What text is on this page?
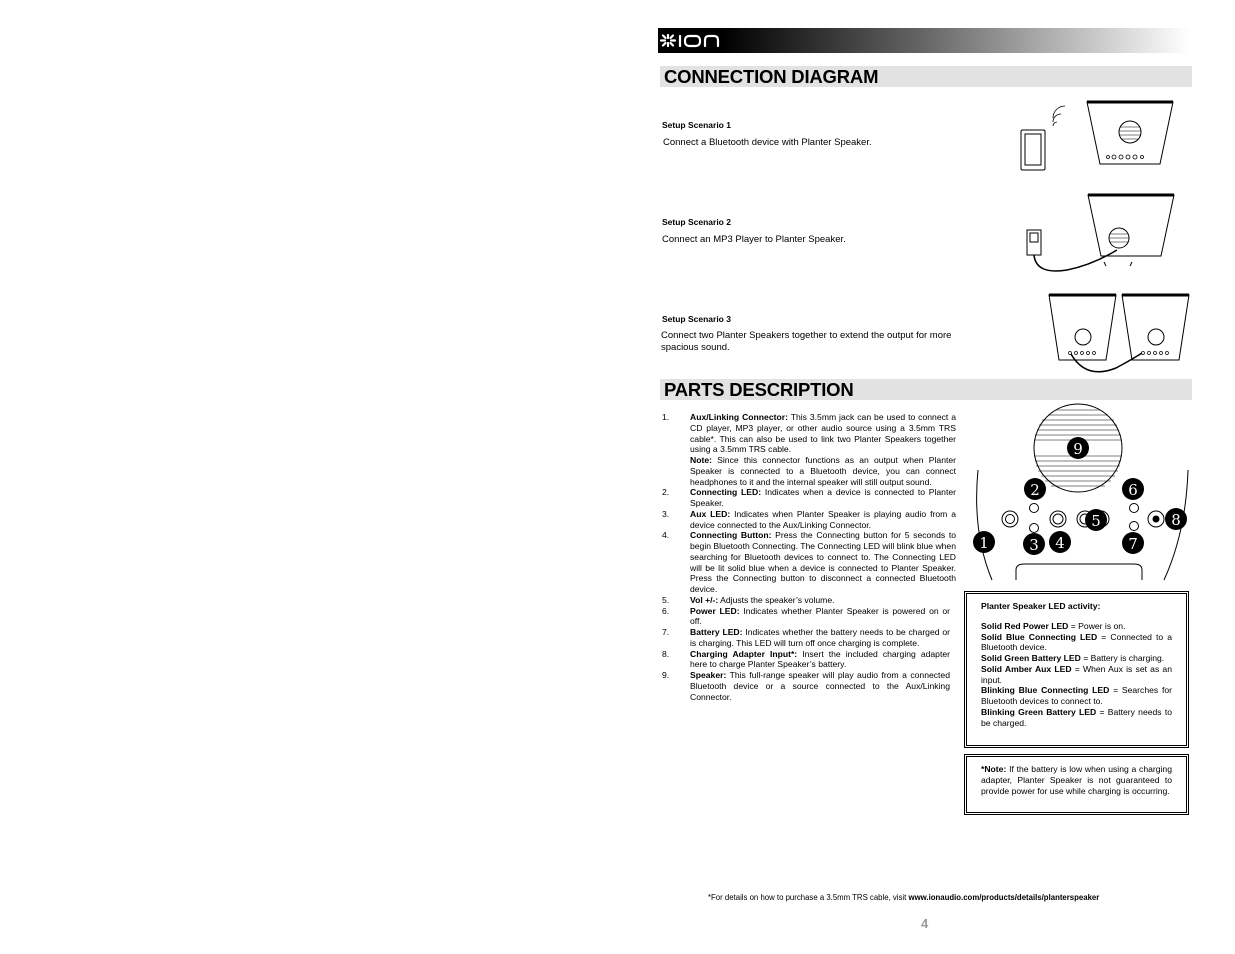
CONNECTION DIAGRAM
Setup Scenario 1
Connect a Bluetooth device with Planter Speaker.
Setup Scenario 2
Connect an MP3 Player to Planter Speaker.
Setup Scenario 3
Connect two Planter Speakers together to extend the output for more spacious sound.
PARTS DESCRIPTION
1.	Aux/Linking Connector: This 3.5mm jack can be used to connect a CD player, MP3 player, or other audio source using a 3.5mm TRS cable*. This can also be used to link two Planter Speakers together using a 3.5mm TRS cable.
Note: Since this connector functions as an output when Planter Speaker is connected to a Bluetooth device, you can connect headphones to it and the internal speaker will still output sound.
2.	Connecting LED: Indicates when a device is connected to Planter Speaker.
3.	Aux LED: Indicates when Planter Speaker is playing audio from a device connected to the Aux/Linking Connector.
4.	Connecting Button: Press the Connecting button for 5 seconds to begin Bluetooth Connecting. The Connecting LED will blink blue when searching for Bluetooth devices to connect to. The Connecting LED will be lit solid blue when a device is connected to Planter Speaker. Press the Connecting button to disconnect a connected Bluetooth device.
5.	Vol +/-: Adjusts the speaker’s volume.
6.	Power LED: Indicates whether Planter Speaker is powered on or off.
7.	Battery LED: Indicates whether the battery needs to be charged or is charging. This LED will turn off once charging is complete.
8.	Charging Adapter Input*: Insert the included charging adapter here to charge Planter Speaker’s battery.
9.	Speaker: This full-range speaker will play audio from a connected Bluetooth device or a source connected to the Aux/Linking Connector.
9
2	6
1	3 4
5
7
8
Planter Speaker LED activity:
Solid Red Power LED = Power is on.
Solid Blue Connecting LED = Connected to a Bluetooth device.
Solid Green Battery LED = Battery is charging.
Solid Amber Aux LED = When Aux is set as an input.
Blinking Blue Connecting LED = Searches for Bluetooth devices to connect to.
Blinking Green Battery LED = Battery needs to be charged.
*Note: If the battery is low when using a charging adapter, Planter Speaker is not guaranteed to provide power for use while charging is occurring.
*For details on how to purchase a 3.5mm TRS cable, visit www.ionaudio.com/products/details/planterspeaker
4
